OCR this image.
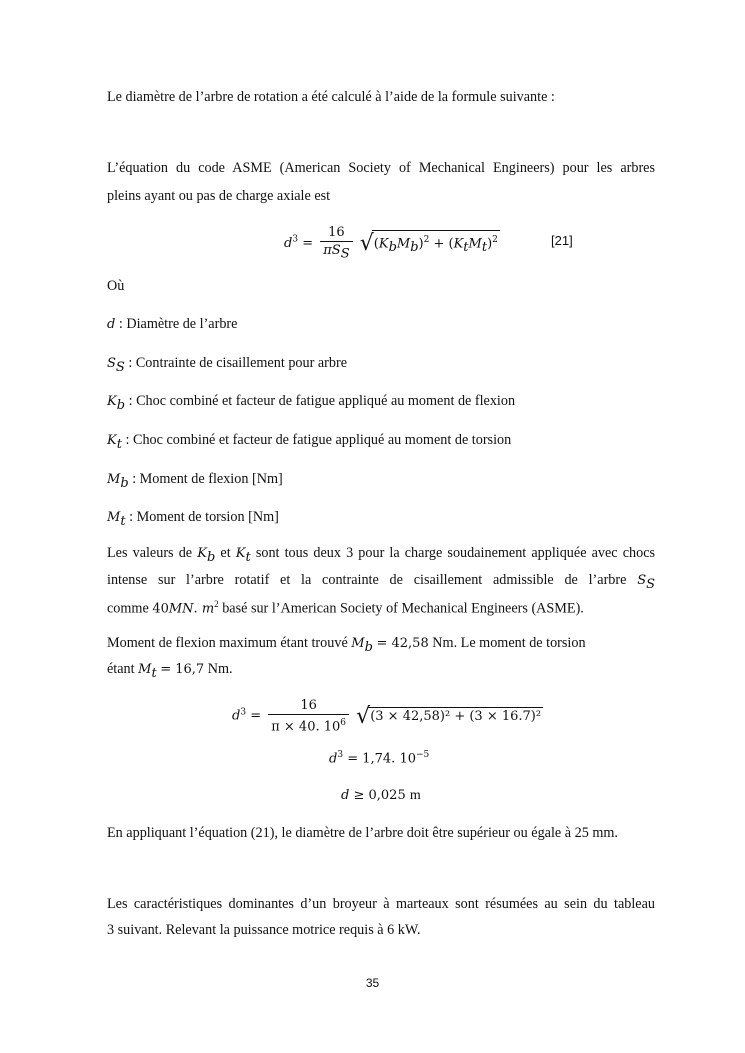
Le diamètre de l’arbre de rotation a été calculé à l’aide de la formule suivante :
L’équation du code ASME (American Society of Mechanical Engineers) pour les arbres
pleins ayant ou pas de charge axiale est
$d^3 = \frac{16}{\pi S_S} √(K_bM_b)^2 + (K_tM_t)^2$	[21]
Où
d : Diamètre de l’arbre
$S_S$ : Contrainte de cisaillement pour arbre
$K_b$ : Choc combiné et facteur de fatigue appliqué au moment de flexion
$K_t$ : Choc combiné et facteur de fatigue appliqué au moment de torsion
$M_b$ : Moment de flexion [Nm]
$M_t$ : Moment de torsion [Nm]
Les valeurs de $K_b$ et $K_t$ sont tous deux 3 pour la charge soudainement appliquée avec chocs
intense sur l’arbre rotatif et la contrainte de cisaillement admissible de l’arbre $S_S$
comme 40MN. $m^2$ basé sur l’American Society of Mechanical Engineers (ASME).
Moment de flexion maximum étant trouvé $M_b = 42,58$ Nm. Le moment de torsion
étant $M_t = 16,7$ Nm.
$d^3 = \frac{16}{\pi \times 40. 10^6} √(3 \times 42,58)^2 + (3 \times 16.7)^2$
$d^3 = 1,74$. $10^{-5}$
d ≥ 0,025 m
En appliquant l’équation (21), le diamètre de l’arbre doit être supérieur ou égale à 25 mm.
Les caractéristiques dominantes d’un broyeur à marteaux sont résumées au sein du tableau
3 suivant. Relevant la puissance motrice requis à 6 kW.
35
